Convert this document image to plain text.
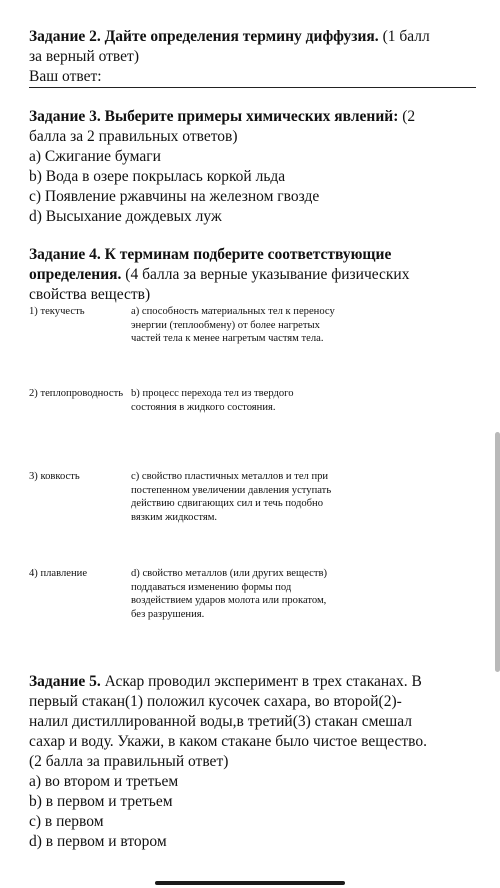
Задание 2. Дайте определения термину диффузия. (1 балл

за верный ответ)

Ваш ответ:

Задание 3. Выберите примеры химических явлений: (2

балла за 2 правильных ответов)

а) Сжигание бумаги

b) Вода в озере покрылась коркой льда

c) Появление ржавчины на железном гвозде

d) Высыхание дождевых луж

Задание 4. К терминам подберите соответствующие

определения. (4 балла за верные указывание физических

свойства веществ)

1) текучесть	а) способность материальных тел к переносу
энергии (теплообмену) от более нагретых
частей тела к менее нагретым частям тела.
2) теплопроводность b) процесс перехода тел из твердого
состояния в жидкого состояния.
3) ковкость	с) свойство пластичных металлов и тел при
постепенном увеличении давления уступать
действию сдвигающих сил и течь подобно
вязким жидкостям.
4) плавление	d) свойство металлов (или других веществ)
поддаваться изменению формы под
воздействием ударов молота или прокатом,
без разрушения.

Задание 5. Аскар проводил эксперимент в трех стаканах. В

первый стакан(1) положил кусочек сахара, во второй(2)-

налил дистиллированной воды,в третий(3) стакан смешал

сахар и воду. Укажи, в каком стакане было чистое вещество.

(2 балла за правильный ответ)

а) во втором и третьем

b) в первом и третьем

с) в первом

d) в первом и втором
